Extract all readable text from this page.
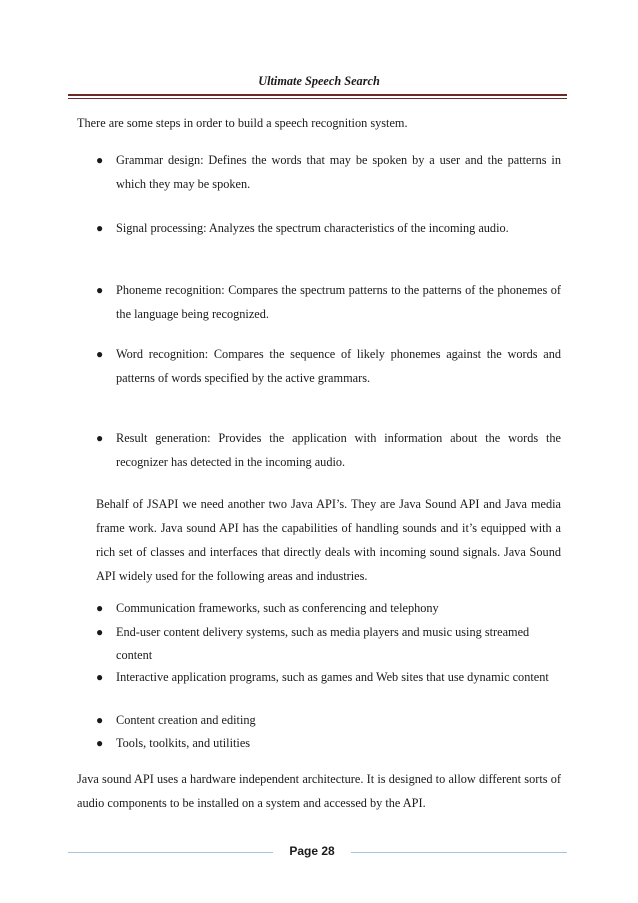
Ultimate Speech Search

There are some steps in order to build a speech recognition system.

●	Grammar design: Defines the words that may be spoken by a user and the patterns in which they may be spoken.

●	Signal processing: Analyzes the spectrum characteristics of the incoming audio.

●	Phoneme recognition: Compares the spectrum patterns to the patterns of the phonemes of the language being recognized.

●	Word recognition: Compares the sequence of likely phonemes against the words and patterns of words specified by the active grammars.

●	Result generation: Provides the application with information about the words the recognizer has detected in the incoming audio.

Behalf of JSAPI we need another two Java API’s. They are Java Sound API and Java media frame work. Java sound API has the capabilities of handling sounds and it’s equipped with a rich set of classes and interfaces that directly deals with incoming sound signals. Java Sound API widely used for the following areas and industries.

●	Communication frameworks, such as conferencing and telephony

●	End-user content delivery systems, such as media players and music using streamed content

●	Interactive application programs, such as games and Web sites that use dynamic content

●	Content creation and editing

●	Tools, toolkits, and utilities

Java sound API uses a hardware independent architecture. It is designed to allow different sorts of audio components to be installed on a system and accessed by the API.

Page 28
